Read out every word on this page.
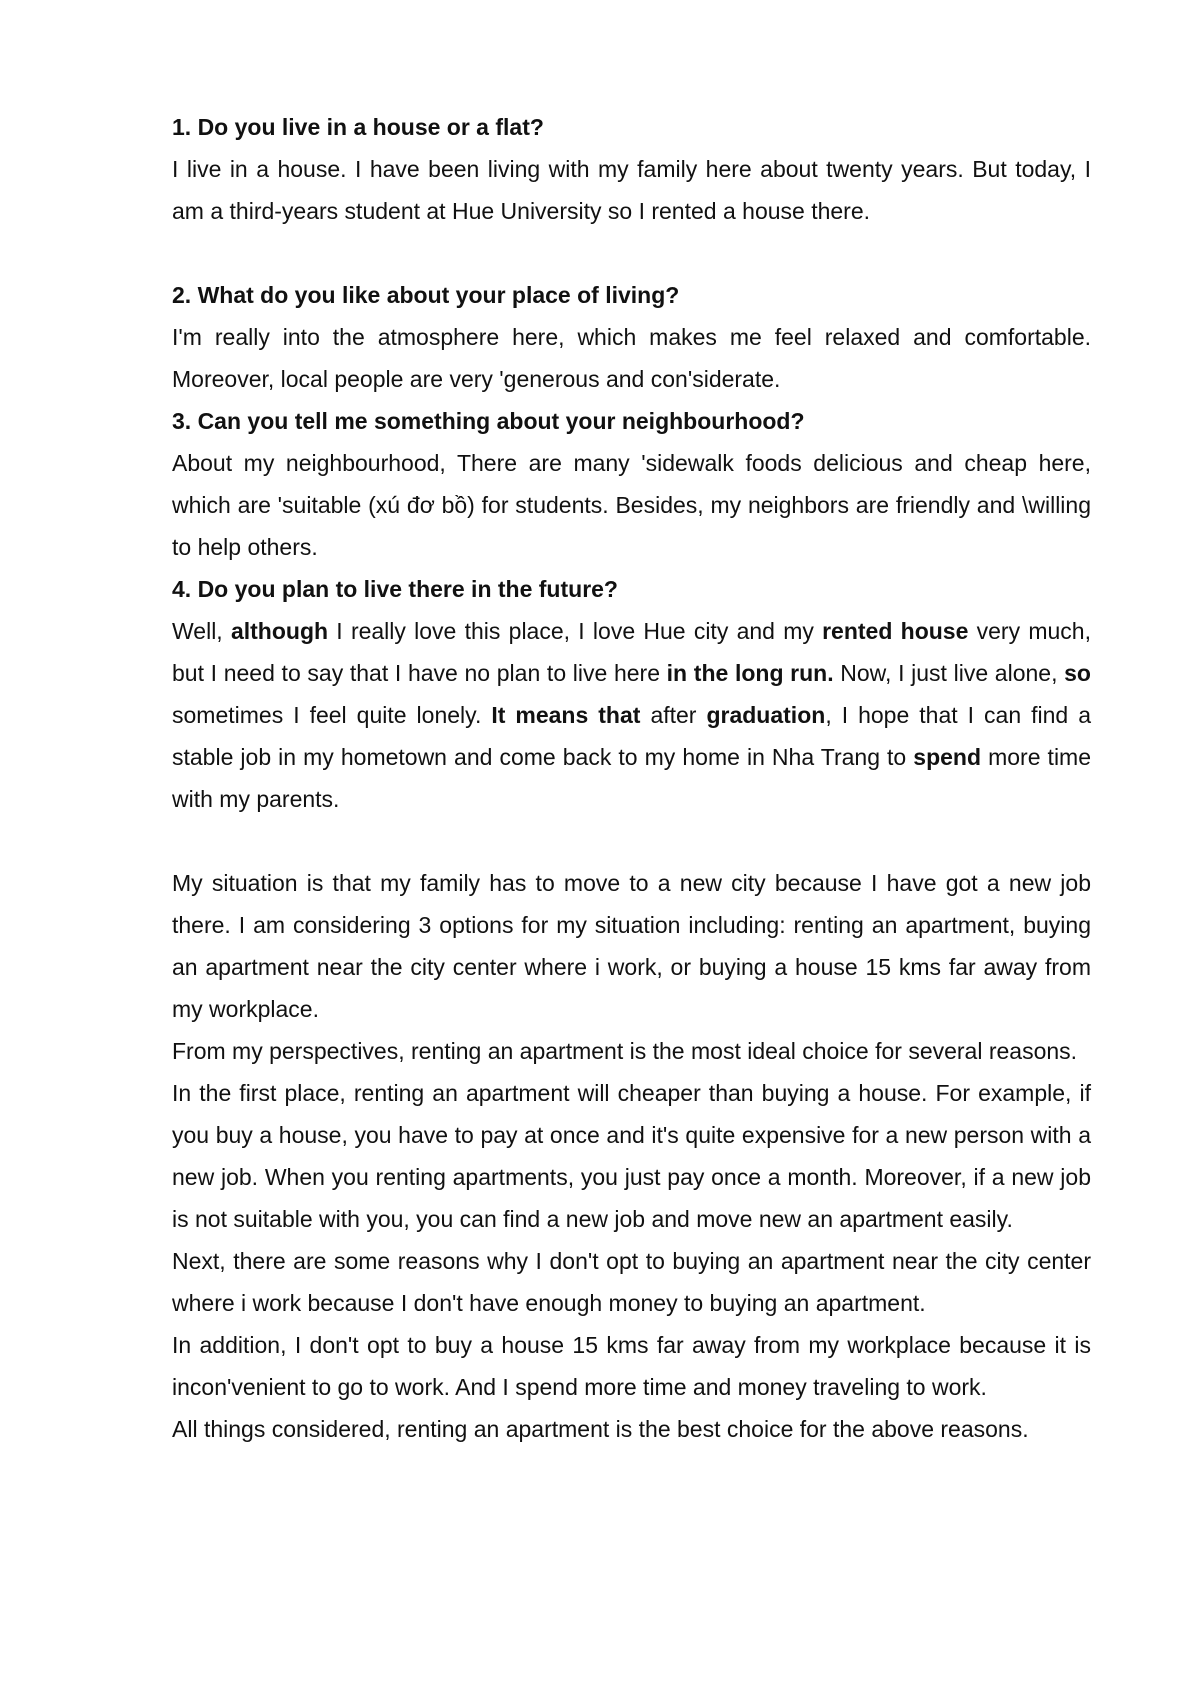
1. Do you live in a house or a flat?

I live in a house. I have been living with my family here about twenty years. But today, I am a third-years student at Hue University so I rented a house there.

2. What do you like about your place of living?

I'm really into the atmosphere here, which makes me feel relaxed and comfortable. Moreover, local people are very 'generous and con'siderate.

3. Can you tell me something about your neighbourhood?

About my neighbourhood, There are many 'sidewalk foods delicious and cheap here, which are 'suitable (xú đơ bồ) for students. Besides, my neighbors are friendly and \willing to help others.

4. Do you plan to live there in the future?

Well, although I really love this place, I love Hue city and my rented house very much, but I need to say that I have no plan to live here in the long run. Now, I just live alone, so sometimes I feel quite lonely. It means that after graduation, I hope that I can find a stable job in my hometown and come back to my home in Nha Trang to spend more time with my parents.

My situation is that my family has to move to a new city because I have got a new job there. I am considering 3 options for my situation including: renting an apartment, buying an apartment near the city center where i work, or buying a house 15 kms far away from my workplace.

From my perspectives, renting an apartment is the most ideal choice for several reasons.

In the first place, renting an apartment will cheaper than buying a house. For example, if you buy a house, you have to pay at once and it's quite expensive for a new person with a new job. When you renting apartments, you just pay once a month. Moreover, if a new job is not suitable with you, you can find a new job and move new an apartment easily.

Next, there are some reasons why I don't opt to buying an apartment near the city center where i work because I don't have enough money to buying an apartment.

In addition, I don't opt to buy a house 15 kms far away from my workplace because it is incon'venient to go to work. And I spend more time and money traveling to work.

All things considered, renting an apartment is the best choice for the above reasons.
